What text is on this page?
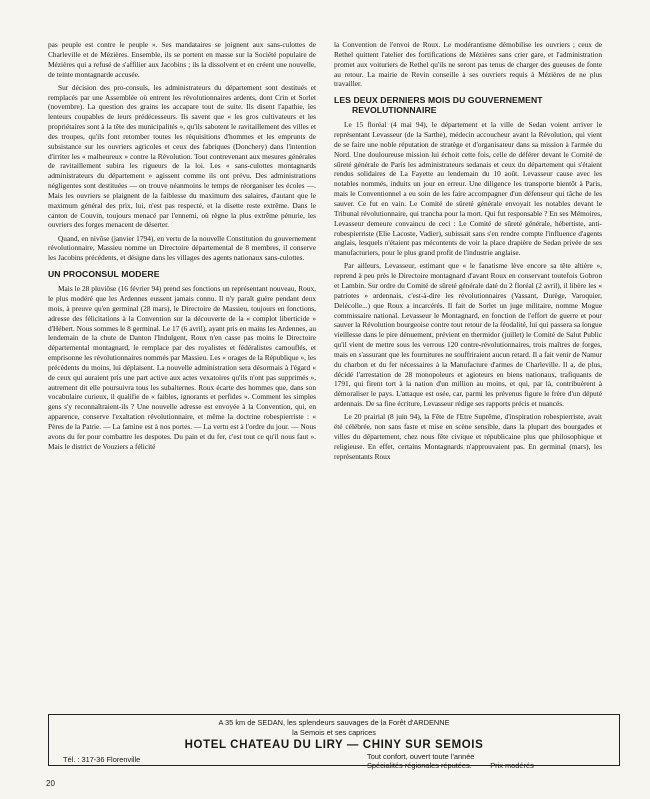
pas peuple est contre le peuple ». Ses mandataires se joignent aux sans-culottes de Charleville et de Mézières. Ensemble, ils se portent en masse sur la Société populaire de Mézières qui a refusé de s'affilier aux Jacobins ; ils la dissolvent et en créent une nouvelle, de teinte montagnarde accusée.

Sur décision des pro-consuls, les administrateurs du département sont destitués et remplacés par une Assemblée où entrent les révolutionnaires ardents, dont Crin et Sorlet (novembre). La question des grains les accapare tout de suite. Ils disent l'apathie, les lenteurs coupables de leurs prédécesseurs. Ils savent que « les gros cultivateurs et les propriétaires sont à la tête des municipalités », qu'ils sabotent le ravitaillement des villes et des troupes, qu'ils font retomber toutes les réquisitions d'hommes et les emprunts de subsistance sur les ouvriers agricoles et ceux des fabriques (Donchery) dans l'intention d'irriter les « malheureux » contre la Révolution. Tout contrevenant aux mesures générales de ravitaillement subira les rigueurs de la loi. Les « sans-culottes montagnards administrateurs du département » agissent comme ils ont prévu. Des administrations négligentes sont destituées — on trouve néanmoins le temps de réorganiser les écoles —. Mais les ouvriers se plaignent de la faiblesse du maximum des salaires, d'autant que le maximum général des prix, lui, n'est pas respecté, et la disette reste extrême. Dans le canton de Couvin, toujours menacé par l'ennemi, où règne la plus extrême pénurie, les ouvriers des forges menacent de déserter.

Quand, en nivôse (janvier 1794), en vertu de la nouvelle Constitution du gouvernement révolutionnaire, Massieu nomme un Directoire départemental de 8 membres, il conserve les Jacobins précédents, et désigne dans les villages des agents nationaux sans-culottes.

UN PROCONSUL MODERE

Mais le 28 pluviôse (16 février 94) prend ses fonctions un représentant nouveau, Roux, le plus modéré que les Ardennes eussent jamais connu. Il n'y paraît guère pendant deux mois, à preuve qu'en germinal (28 mars), le Directoire de Massieu, toujours en fonctions, adresse des félicitations à la Convention sur la découverte de la « complot liberticide » d'Hébert. Nous sommes le 8 germinal. Le 17 (6 avril), ayant pris en mains les Ardennes, au lendemain de la chute de Danton l'Indulgent, Roux n'en casse pas moins le Directoire départemental montagnard, le remplace par des royalistes et fédéralistes camouflés, et emprisonne les révolutionnaires nommés par Massieu. Les « orages de la République », les précédents du moins, lui déplaisent. La nouvelle administration sera désormais à l'égard « de ceux qui auraient pris une part active aux actes vexatoires qu'ils n'ont pas supprimés », autrement dit elle poursuivra tous les subalternes. Roux écarte des hommes que, dans son vocabulaire curieux, il qualifie de « faibles, ignorants et perfides ». Comment les simples gens s'y reconnaîtraient-ils ? Une nouvelle adresse est envoyée à la Convention, qui, en apparence, conserve l'exaltation révolutionnaire, et même la doctrine robespierriste : « Pères de la Patrie. — La famine est à nos portes. — La vertu est à l'ordre du jour. — Nous avons du fer pour combattre les despotes. Du pain et du fer, c'est tout ce qu'il nous faut ». Mais le district de Vouziers a félicité

la Convention de l'envoi de Roux. Le modérantisme démobilise les ouvriers ; ceux de Rethel quittent l'atelier des fortifications de Mézières sans crier gare, et l'administration promet aux voituriers de Rethel qu'ils ne seront pas tenus de charger des gueuses de fonte au retour. La mairie de Revin conseille à ses ouvriers requis à Mézières de ne plus travailler.

LES DEUX DERNIERS MOIS DU GOUVERNEMENT
REVOLUTIONNAIRE

Le 15 floréal (4 mai 94), le département et la ville de Sedan voient arriver le représentant Levasseur (de la Sarthe), médecin accoucheur avant la Révolution, qui vient de se faire une noble réputation de stratège et d'organisateur dans sa mission à l'armée du Nord. Une douloureuse mission lui échoit cette fois, celle de déférer devant le Comité de sûreté générale de Paris les administrateurs sedanais et ceux du département qui s'étaient rendus solidaires de La Fayette au lendemain du 10 août. Levasseur cause avec les notables nommés, induits un jour en erreur. Une diligence les transporte bientôt à Paris, mais le Conventionnel a eu soin de les faire accompagner d'un défenseur qui tâche de les sauver. Ce fut en vain. Le Comité de sûreté générale envoyait les notables devant le Tribunal révolutionnaire, qui trancha pour la mort. Qui fut responsable ? En ses Mémoires, Levasseur demeure convaincu de ceci : Le Comité de sûreté générale, hébertiste, anti-robespierriste (Elie Lacoste, Vadier), subissait sans s'en rendre compte l'influence d'agents anglais, lesquels n'étaient pas mécontents de voir la place drapière de Sedan privée de ses manufacturiers, pour le plus grand profit de l'industrie anglaise.

Par ailleurs, Levasseur, estimant que « le fanatisme lève encore sa tête altière », reprend à peu près le Directoire montagnard d'avant Roux en conservant toutefois Gobron et Lambin. Sur ordre du Comité de sûreté générale daté du 2 floréal (2 avril), il libère les « patriotes » ardennais, c'est-à-dire les révolutionnaires (Vassant, Durège, Varoquier, Delécolle...) que Roux a incarcérés. Il fait de Sorlet un juge militaire, nomme Mogue commissaire national. Levasseur le Montagnard, en fonction de l'effort de guerre et pour sauver la Révolution bourgeoise contre tout retour de la féodalité, lui qui passera sa longue vieillesse dans le pire dénuement, prévient en thermidor (juillet) le Comité de Salut Public qu'il vient de mettre sous les verrous 120 contre-révolutionnaires, trois maîtres de forges, mais en s'assurant que les fournitures ne souffriraient aucun retard. Il a fait venir de Namur du charbon et du fer nécessaires à la Manufacture d'armes de Charleville. Il a, de plus, décidé l'arrestation de 28 monopoleurs et agioteurs en biens nationaux, trafiquants de 1791, qui firent tort à la nation d'un million au moins, et qui, par là, contribuèrent à démoraliser le pays. L'attaque est osée, car, parmi les prévenus figure le frère d'un député ardennais. De sa fine écriture, Levasseur rédige ses rapports précis et nuancés.

Le 20 prairial (8 juin 94), la Fête de l'Etre Suprême, d'inspiration robespierriste, avait été célébrée, non sans faste et mise en scène sensible, dans la plupart des bourgades et villes du département, chez nous fête civique et républicaine plus que philosophique et religieuse. En effet, certains Montagnards n'approuvaient pas. En germinal (mars), les représentants Roux

A 35 km de SEDAN, les splendeurs sauvages de la Forêt d'ARDENNE
la Semois et ses caprices
HOTEL CHATEAU DU LIRY — CHINY SUR SEMOIS
Tél. : 317-36 Florenville	Tout confort, ouvert toute l'année
Spécialités régionales réputées.         Prix modérés
20
